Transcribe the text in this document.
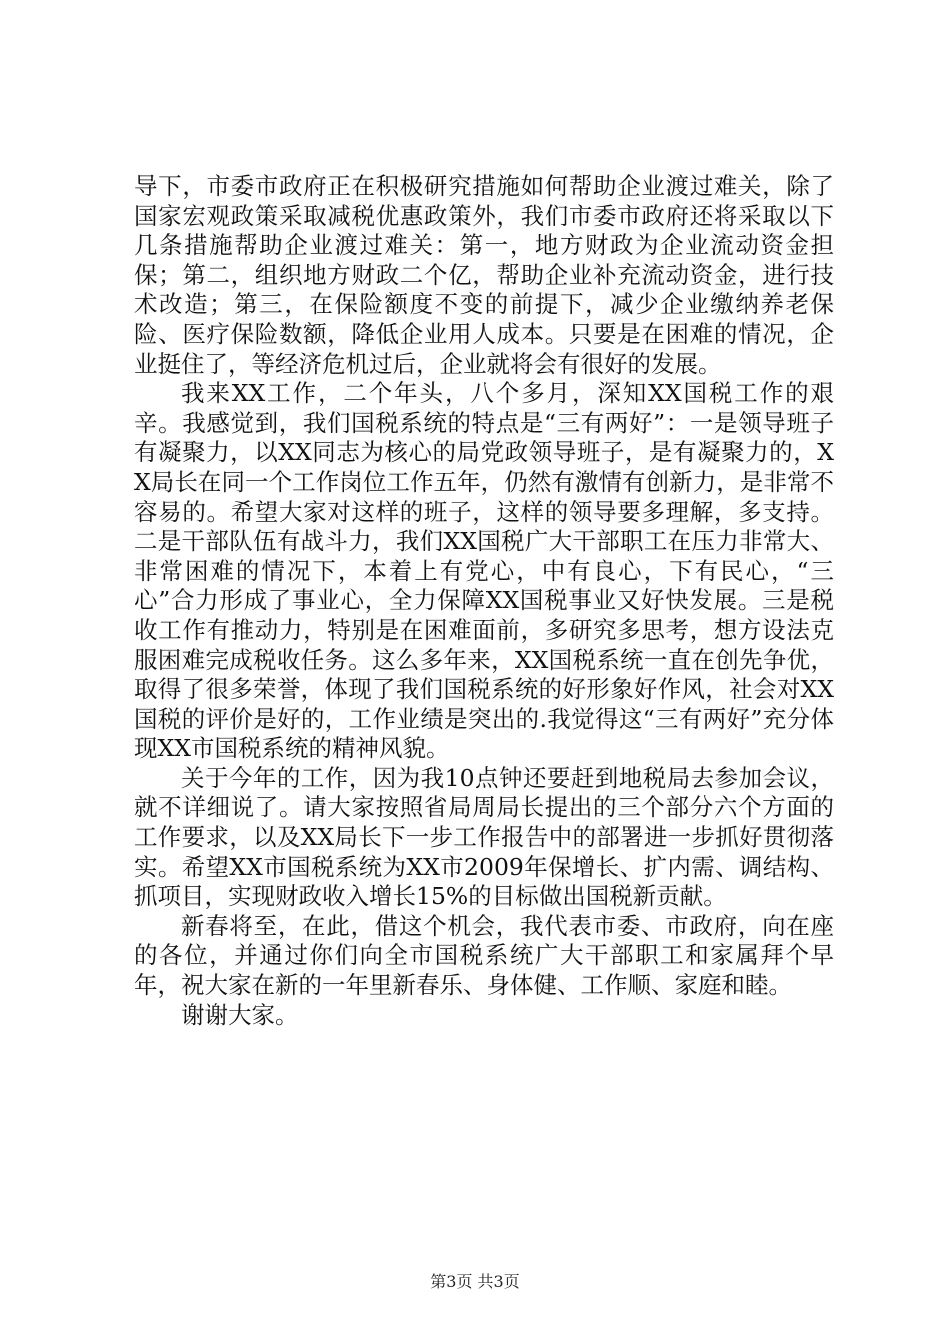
导下，市委市政府正在积极研究措施如何帮助企业渡过难关，除了国家宏观政策采取减税优惠政策外，我们市委市政府还将采取以下几条措施帮助企业渡过难关：第一，地方财政为企业流动资金担保；第二，组织地方财政二个亿，帮助企业补充流动资金，进行技术改造；第三，在保险额度不变的前提下，减少企业缴纳养老保险、医疗保险数额，降低企业用人成本。只要是在困难的情况，企业挺住了，等经济危机过后，企业就将会有很好的发展。

我来XX工作，二个年头，八个多月，深知XX国税工作的艰辛。我感觉到，我们国税系统的特点是“三有两好”：一是领导班子有凝聚力，以XX同志为核心的局党政领导班子，是有凝聚力的，XX局长在同一个工作岗位工作五年，仍然有激情有创新力，是非常不容易的。希望大家对这样的班子，这样的领导要多理解，多支持。二是干部队伍有战斗力，我们XX国税广大干部职工在压力非常大、非常困难的情况下，本着上有党心，中有良心，下有民心，“三心”合力形成了事业心，全力保障XX国税事业又好快发展。三是税收工作有推动力，特别是在困难面前，多研究多思考，想方设法克服困难完成税收任务。这么多年来，XX国税系统一直在创先争优，取得了很多荣誉，体现了我们国税系统的好形象好作风，社会对XX国税的评价是好的，工作业绩是突出的.我觉得这“三有两好”充分体现XX市国税系统的精神风貌。

关于今年的工作，因为我10点钟还要赶到地税局去参加会议，就不详细说了。请大家按照省局周局长提出的三个部分六个方面的工作要求，以及XX局长下一步工作报告中的部署进一步抓好贯彻落实。希望XX市国税系统为XX市2009年保增长、扩内需、调结构、抓项目，实现财政收入增长15%的目标做出国税新贡献。

新春将至，在此，借这个机会，我代表市委、市政府，向在座的各位，并通过你们向全市国税系统广大干部职工和家属拜个早年，祝大家在新的一年里新春乐、身体健、工作顺、家庭和睦。

谢谢大家。

第3页 共3页
